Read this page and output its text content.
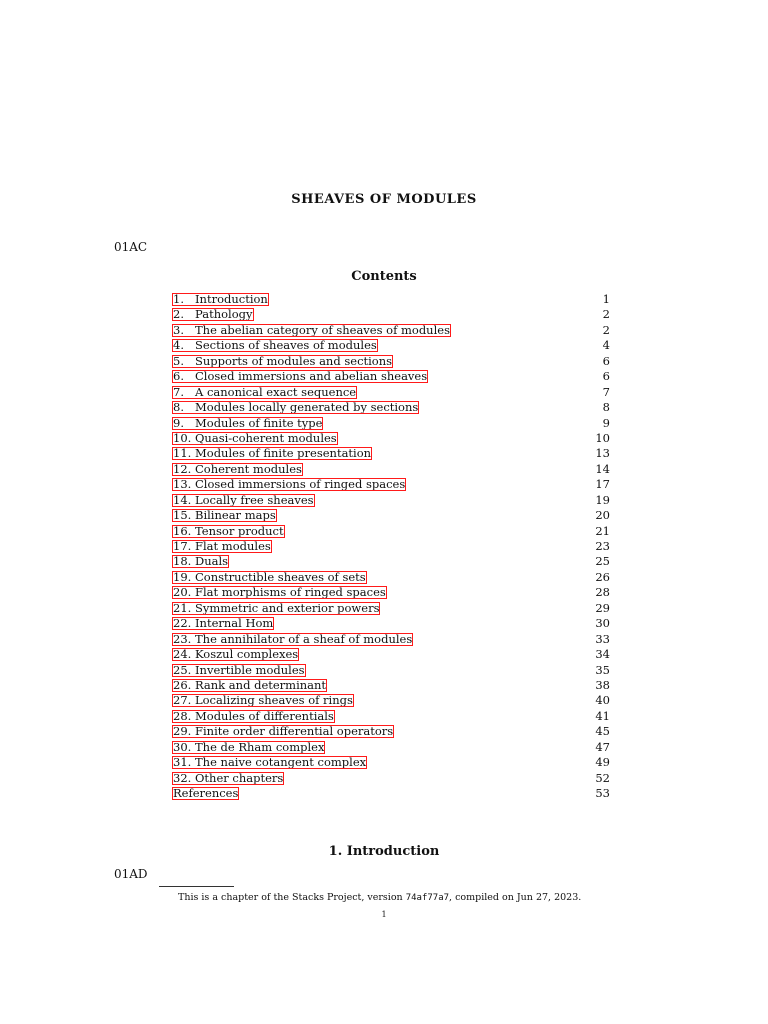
SHEAVES OF MODULES
01AC
Contents
1. Introduction	1
2. Pathology	2
3. The abelian category of sheaves of modules	2
4. Sections of sheaves of modules	4
5. Supports of modules and sections	6
6. Closed immersions and abelian sheaves	6
7. A canonical exact sequence	7
8. Modules locally generated by sections	8
9. Modules of finite type	9
10. Quasi-coherent modules	10
11. Modules of finite presentation	13
12. Coherent modules	14
13. Closed immersions of ringed spaces	17
14. Locally free sheaves	19
15. Bilinear maps	20
16. Tensor product	21
17. Flat modules	23
18. Duals	25
19. Constructible sheaves of sets	26
20. Flat morphisms of ringed spaces	28
21. Symmetric and exterior powers	29
22. Internal Hom	30
23. The annihilator of a sheaf of modules	33
24. Koszul complexes	34
25. Invertible modules	35
26. Rank and determinant	38
27. Localizing sheaves of rings	40
28. Modules of differentials	41
29. Finite order differential operators	45
30. The de Rham complex	47
31. The naive cotangent complex	49
32. Other chapters	52
References	53
1. Introduction
01AD
This is a chapter of the Stacks Project, version 74af77a7, compiled on Jun 27, 2023.
1
